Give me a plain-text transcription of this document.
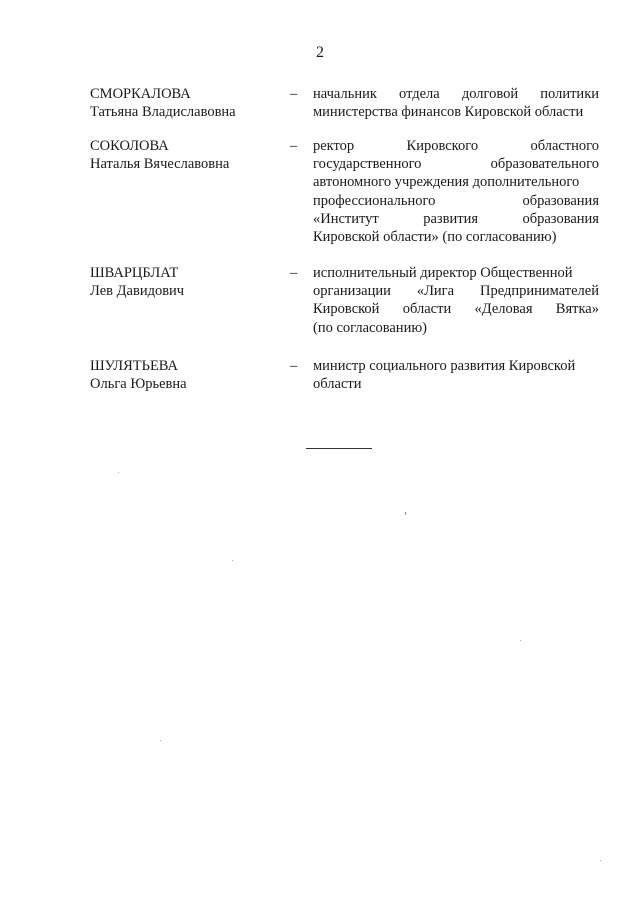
2
СМОРКАЛОВА
Татьяна Владиславовна
–	начальник отдела долговой политики
министерства финансов Кировской области
СОКОЛОВА
Наталья Вячеславовна
–	ректор	Кировского	областного
государственного	образовательного
автономного учреждения дополнительного
профессионального	образования
«Институт	развития	образования
Кировской области» (по согласованию)
ШВАРЦБЛАТ
Лев Давидович
–	исполнительный директор Общественной
организации «Лига Предпринимателей
Кировской области «Деловая Вятка»
(по согласованию)
ШУЛЯТЬЕВА
Ольга Юрьевна
–	министр социального развития Кировской
области
